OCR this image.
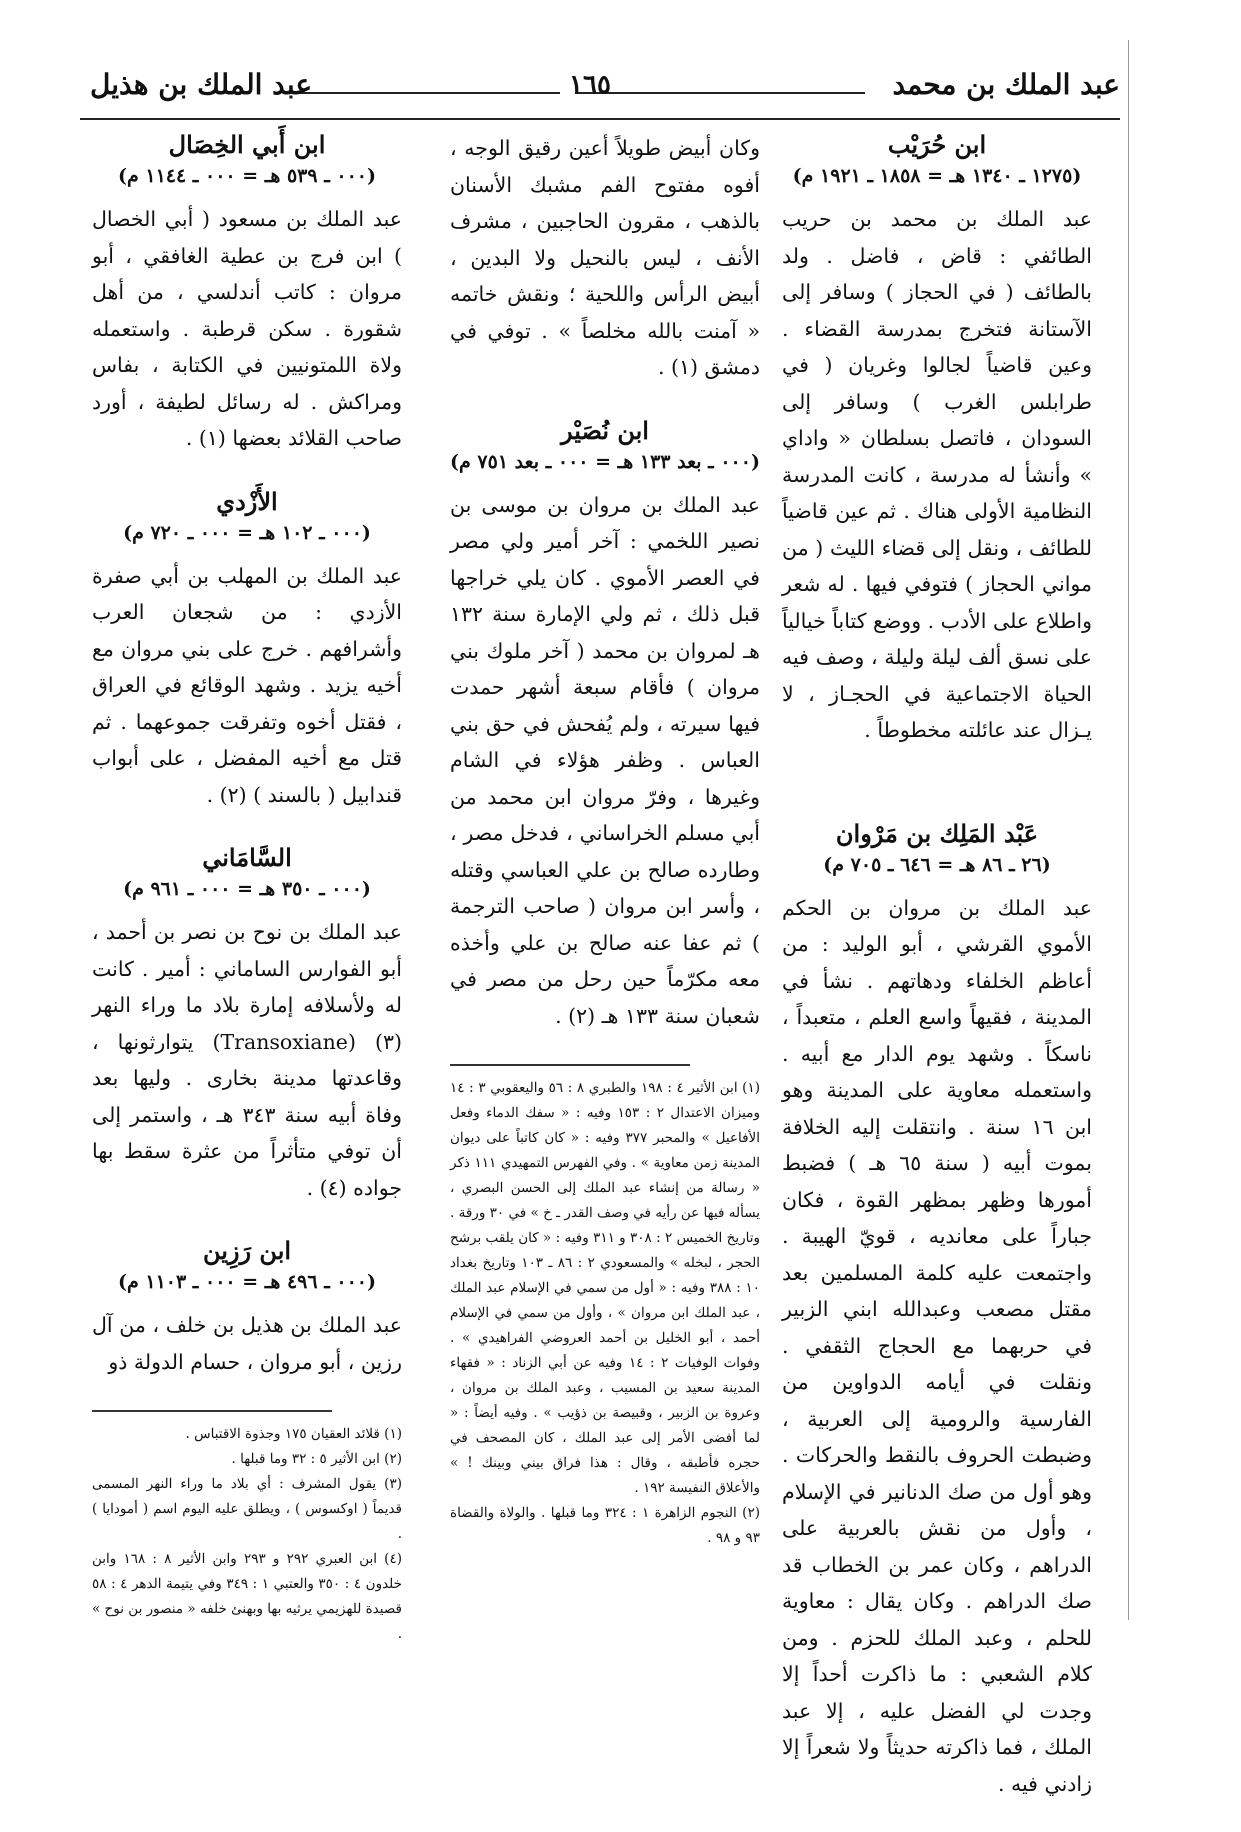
عبد الملك بن محمد
١٦٥
عبد الملك بن هذيل
ابن حُرَيْب
(١٢٧٥ ـ ١٣٤٠ هـ = ١٨٥٨ ـ ١٩٢١ م)

عبد الملك بن محمد بن حريب الطائفي : قاض ، فاضل . ولد بالطائف ( في الحجاز ) وسافر إلى الآستانة فتخرج بمدرسة القضاء . وعين قاضياً لجالوا وغريان ( في طرابلس الغرب ) وسافر إلى السودان ، فاتصل بسلطان « واداي » وأنشأ له مدرسة ، كانت المدرسة النظامية الأولى هناك . ثم عين قاضياً للطائف ، ونقل إلى قضاء الليث ( من مواني الحجاز ) فتوفي فيها . له شعر واطلاع على الأدب . ووضع كتاباً خيالياً على نسق ألف ليلة وليلة ، وصف فيه الحياة الاجتماعية في الحجـاز ، لا يـزال عند عائلته مخطوطاً .

عَبْد المَلِك بن مَرْوان
(٢٦ ـ ٨٦ هـ = ٦٤٦ ـ ٧٠٥ م)

عبد الملك بن مروان بن الحكم الأموي القرشي ، أبو الوليد : من أعاظم الخلفاء ودهاتهم . نشأ في المدينة ، فقيهاً واسع العلم ، متعبداً ، ناسكاً . وشهد يوم الدار مع أبيه . واستعمله معاوية على المدينة وهو ابن ١٦ سنة . وانتقلت إليه الخلافة بموت أبيه ( سنة ٦٥ هـ ) فضبط أمورها وظهر بمظهر القوة ، فكان جباراً على معانديه ، قويّ الهيبة . واجتمعت عليه كلمة المسلمين بعد مقتل مصعب وعبدالله ابني الزبير في حربهما مع الحجاج الثقفي . ونقلت في أيامه الدواوين من الفارسية والرومية إلى العربية ، وضبطت الحروف بالنقط والحركات . وهو أول من صك الدنانير في الإسلام ، وأول من نقش بالعربية على الدراهم ، وكان عمر بن الخطاب قد صك الدراهم . وكان يقال : معاوية للحلم ، وعبد الملك للحزم . ومن كلام الشعبي : ما ذاكرت أحداً إلا وجدت لي الفضل عليه ، إلا عبد الملك ، فما ذاكرته حديثاً ولا شعراً إلا زادني فيه .

وكان أبيض طويلاً أعين رقيق الوجه ، أفوه مفتوح الفم مشبك الأسنان بالذهب ، مقرون الحاجبين ، مشرف الأنف ، ليس بالنحيل ولا البدين ، أبيض الرأس واللحية ؛ ونقش خاتمه « آمنت بالله مخلصاً » . توفي في دمشق (١) .

ابن نُصَيْر
(٠٠٠ ـ بعد ١٣٣ هـ = ٠٠٠ ـ بعد ٧٥١ م)

عبد الملك بن مروان بن موسى بن نصير اللخمي : آخر أمير ولي مصر في العصر الأموي . كان يلي خراجها قبل ذلك ، ثم ولي الإمارة سنة ١٣٢ هـ لمروان بن محمد ( آخر ملوك بني مروان ) فأقام سبعة أشهر حمدت فيها سيرته ، ولم يُفحش في حق بني العباس . وظفر هؤلاء في الشام وغيرها ، وفرّ مروان ابن محمد من أبي مسلم الخراساني ، فدخل مصر ، وطارده صالح بن علي العباسي وقتله ، وأسر ابن مروان ( صاحب الترجمة ) ثم عفا عنه صالح بن علي وأخذه معه مكرّماً حين رحل من مصر في شعبان سنة ١٣٣ هـ (٢) .

(١) ابن الأثير ٤ : ١٩٨ والطبري ٨ : ٥٦ واليعقوبي ٣ : ١٤ وميزان الاعتدال ٢ : ١٥٣ وفيه : « سفك الدماء وفعل الأفاعيل » والمحبر ٣٧٧ وفيه : « كان كاتباً على ديوان المدينة زمن معاوية » . وفي الفهرس التمهيدي ١١١ ذكر « رسالة من إنشاء عبد الملك إلى الحسن البصري ، يسأله فيها عن رأيه في وصف القدر ـ خ » في ٣٠ ورقة . وتاريخ الخميس ٢ : ٣٠٨ و ٣١١ وفيه : « كان يلقب برشح الحجر ، لبخله » والمسعودي ٢ : ٨٦ ـ ١٠٣ وتاريخ بغداد ١٠ : ٣٨٨ وفيه : « أول من سمي في الإسلام عبد الملك ، عبد الملك ابن مروان » ، وأول من سمي في الإسلام أحمد ، أبو الخليل بن أحمد العروضي الفراهيدي » . وفوات الوفيات ٢ : ١٤ وفيه عن أبي الزناد : « فقهاء المدينة سعيد بن المسيب ، وعبد الملك بن مروان ، وعروة بن الزبير ، وقبيصة بن ذؤيب » . وفيه أيضاً : « لما أفضى الأمر إلى عبد الملك ، كان المصحف في حجره فأطبقه ، وقال : هذا فراق بيني وبينك ! » والأعلاق النفيسة ١٩٢ .

(٢) النجوم الزاهرة ١ : ٣٢٤ وما قبلها . والولاة والقضاة ٩٣ و ٩٨ .

ابن أَبي الخِصَال
(٠٠٠ ـ ٥٣٩ هـ = ٠٠٠ ـ ١١٤٤ م)

عبد الملك بن مسعود ( أبي الخصال ) ابن فرج بن عطية الغافقي ، أبو مروان : كاتب أندلسي ، من أهل شقورة . سكن قرطبة . واستعمله ولاة اللمتونيين في الكتابة ، بفاس ومراكش . له رسائل لطيفة ، أورد صاحب القلائد بعضها (١) .

الأَزْدي
(٠٠٠ ـ ١٠٢ هـ = ٠٠٠ ـ ٧٢٠ م)

عبد الملك بن المهلب بن أبي صفرة الأزدي : من شجعان العرب وأشرافهم . خرج على بني مروان مع أخيه يزيد . وشهد الوقائع في العراق ، فقتل أخوه وتفرقت جموعهما . ثم قتل مع أخيه المفضل ، على أبواب قندابيل ( بالسند ) (٢) .

السَّامَاني
(٠٠٠ ـ ٣٥٠ هـ = ٠٠٠ ـ ٩٦١ م)

عبد الملك بن نوح بن نصر بن أحمد ، أبو الفوارس الساماني : أمير . كانت له ولأسلافه إمارة بلاد ما وراء النهر (٣) (Transoxiane) يتوارثونها ، وقاعدتها مدينة بخارى . وليها بعد وفاة أبيه سنة ٣٤٣ هـ ، واستمر إلى أن توفي متأثراً من عثرة سقط بها جواده (٤) .

ابن رَزِين
(٠٠٠ ـ ٤٩٦ هـ = ٠٠٠ ـ ١١٠٣ م)

عبد الملك بن هذيل بن خلف ، من آل رزين ، أبو مروان ، حسام الدولة ذو

(١) قلائد العقيان ١٧٥ وجذوة الاقتباس .

(٢) ابن الأثير ٥ : ٣٢ وما قبلها .

(٣) يقول المشرف : أي بلاد ما وراء النهر المسمى قديماً ( اوكسوس ) ، ويطلق عليه اليوم اسم ( أمودايا ) .

(٤) ابن العبري ٢٩٢ و ٢٩٣ وابن الأثير ٨ : ١٦٨ وابن خلدون ٤ : ٣٥٠ والعتبي ١ : ٣٤٩ وفي يتيمة الدهر ٤ : ٥٨ قصيدة للهزيمي يرثيه بها وبهنئ خلفه « منصور بن نوح » .
